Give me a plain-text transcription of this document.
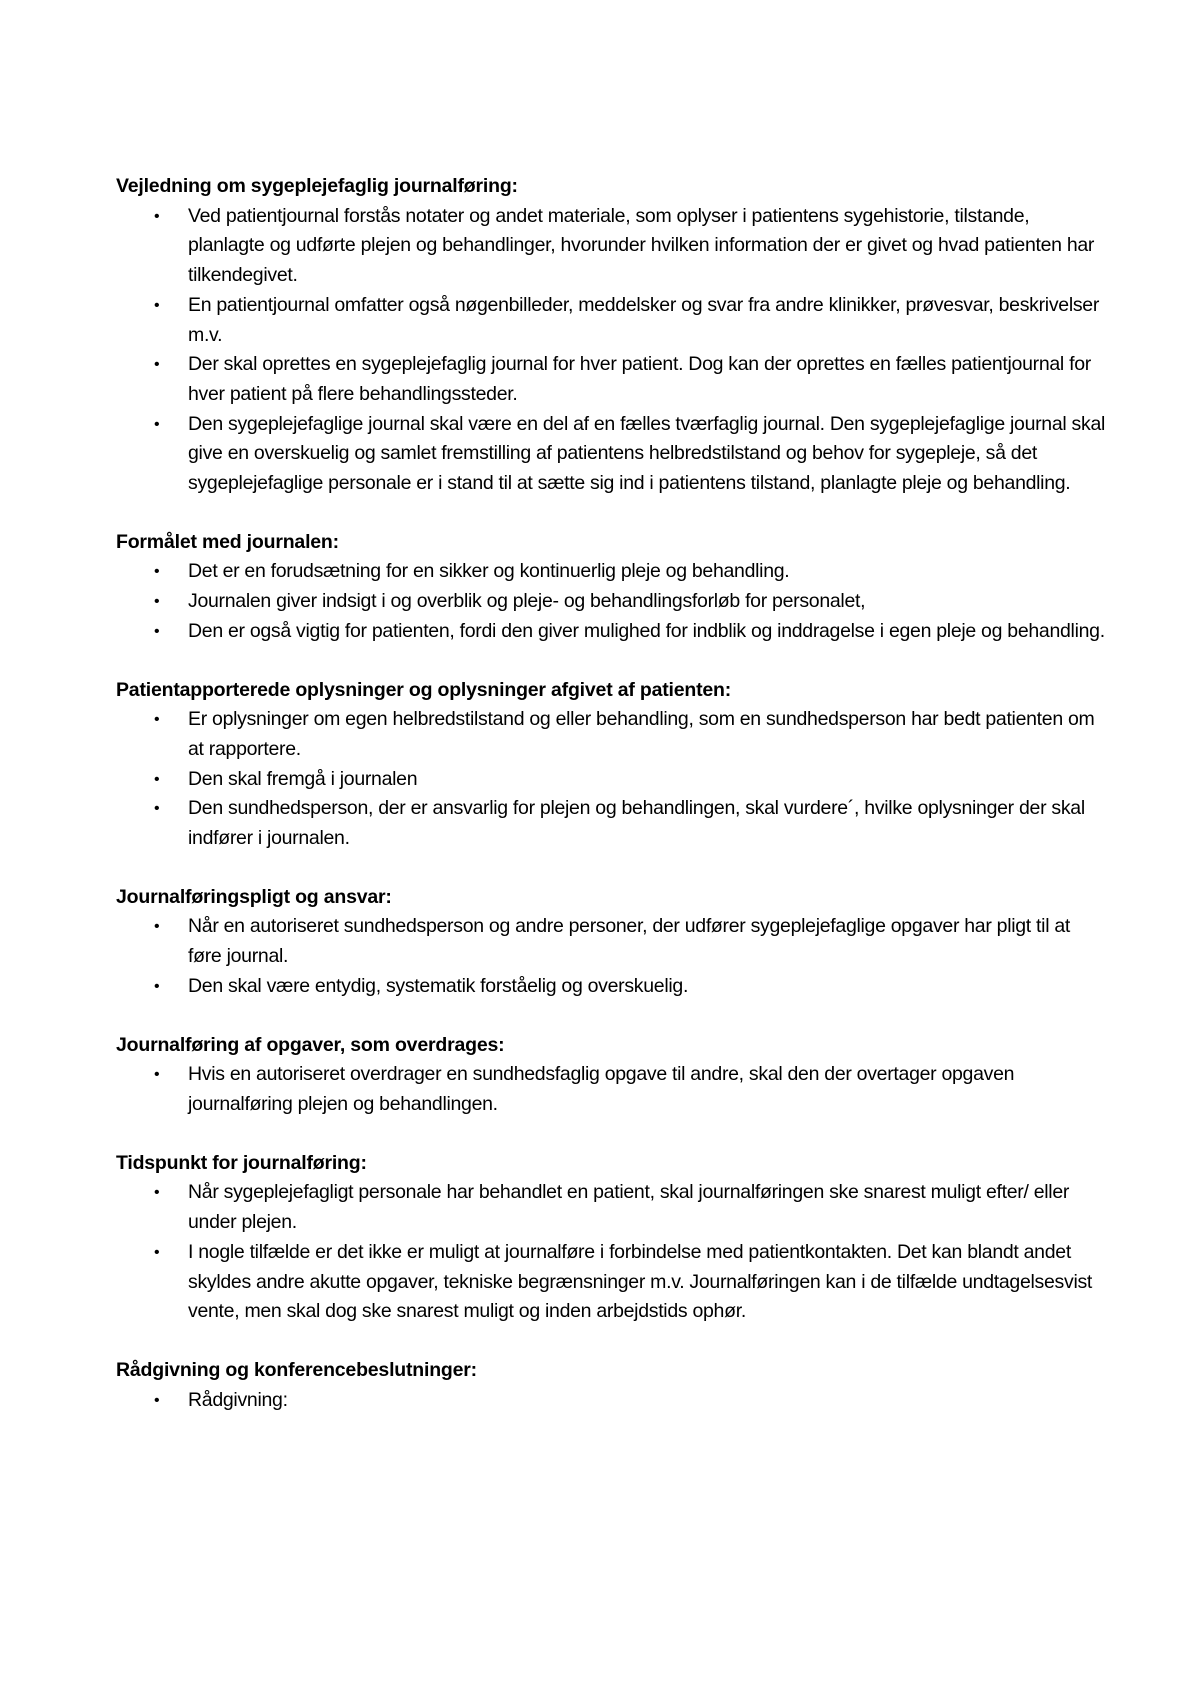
Vejledning om sygeplejefaglig journalføring:

• Ved patientjournal forstås notater og andet materiale, som oplyser i patientens sygehistorie, tilstande, planlagte og udførte plejen og behandlinger, hvorunder hvilken information der er givet og hvad patienten har tilkendegivet.
• En patientjournal omfatter også nøgenbilleder, meddelsker og svar fra andre klinikker, prøvesvar, beskrivelser m.v.
• Der skal oprettes en sygeplejefaglig journal for hver patient. Dog kan der oprettes en fælles patientjournal for hver patient på flere behandlingssteder.
• Den sygeplejefaglige journal skal være en del af en fælles tværfaglig journal. Den sygeplejefaglige journal skal give en overskuelig og samlet fremstilling af patientens helbredstilstand og behov for sygepleje, så det sygeplejefaglige personale er i stand til at sætte sig ind i patientens tilstand, planlagte pleje og behandling.

Formålet med journalen:

• Det er en forudsætning for en sikker og kontinuerlig pleje og behandling.
• Journalen giver indsigt i og overblik og pleje- og behandlingsforløb for personalet,
• Den er også vigtig for patienten, fordi den giver mulighed for indblik og inddragelse i egen pleje og behandling.

Patientapporterede oplysninger og oplysninger afgivet af patienten:

• Er oplysninger om egen helbredstilstand og eller behandling, som en sundhedsperson har bedt patienten om at rapportere.
• Den skal fremgå i journalen
• Den sundhedsperson, der er ansvarlig for plejen og behandlingen, skal vurdere´, hvilke oplysninger der skal indfører i journalen.

Journalføringspligt og ansvar:

• Når en autoriseret sundhedsperson og andre personer, der udfører sygeplejefaglige opgaver har pligt til at føre journal.
• Den skal være entydig, systematik forståelig og overskuelig.

Journalføring af opgaver, som overdrages:

• Hvis en autoriseret overdrager en sundhedsfaglig opgave til andre, skal den der overtager opgaven journalføring plejen og behandlingen.

Tidspunkt for journalføring:

• Når sygeplejefagligt personale har behandlet en patient, skal journalføringen ske snarest muligt efter/ eller under plejen.
• I nogle tilfælde er det ikke er muligt at journalføre i forbindelse med patientkontakten. Det kan blandt andet skyldes andre akutte opgaver, tekniske begrænsninger m.v. Journalføringen kan i de tilfælde undtagelsesvist vente, men skal dog ske snarest muligt og inden arbejdstids ophør.

Rådgivning og konferencebeslutninger:

• Rådgivning:
